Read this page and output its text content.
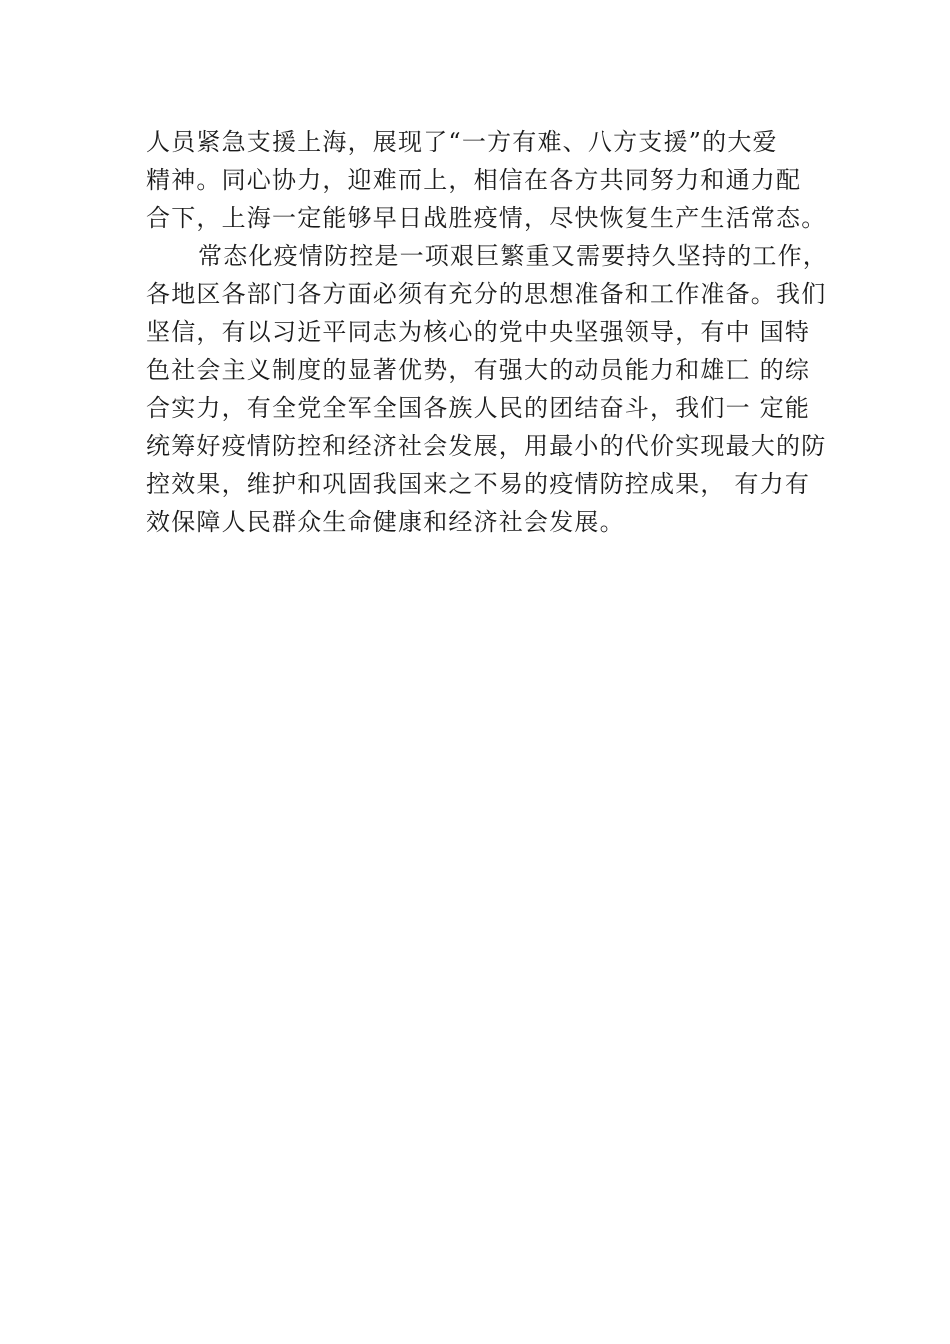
人员紧急支援上海，展现了“一方有难、八方支援”的大爱
精神。同心协力，迎难而上，相信在各方共同努力和通力配
合下，上海一定能够早日战胜疫情，尽快恢复生产生活常态。
常态化疫情防控是一项艰巨繁重又需要持久坚持的工作，
各地区各部门各方面必须有充分的思想准备和工作准备。我们
坚信，有以习近平同志为核心的党中央坚强领导，有中 国特
色社会主义制度的显著优势，有强大的动员能力和雄匸 的综
合实力，有全党全军全国各族人民的团结奋斗，我们一 定能
统筹好疫情防控和经济社会发展，用最小的代价实现最大的防
控效果，维护和巩固我国来之不易的疫情防控成果， 有力有
效保障人民群众生命健康和经济社会发展。
